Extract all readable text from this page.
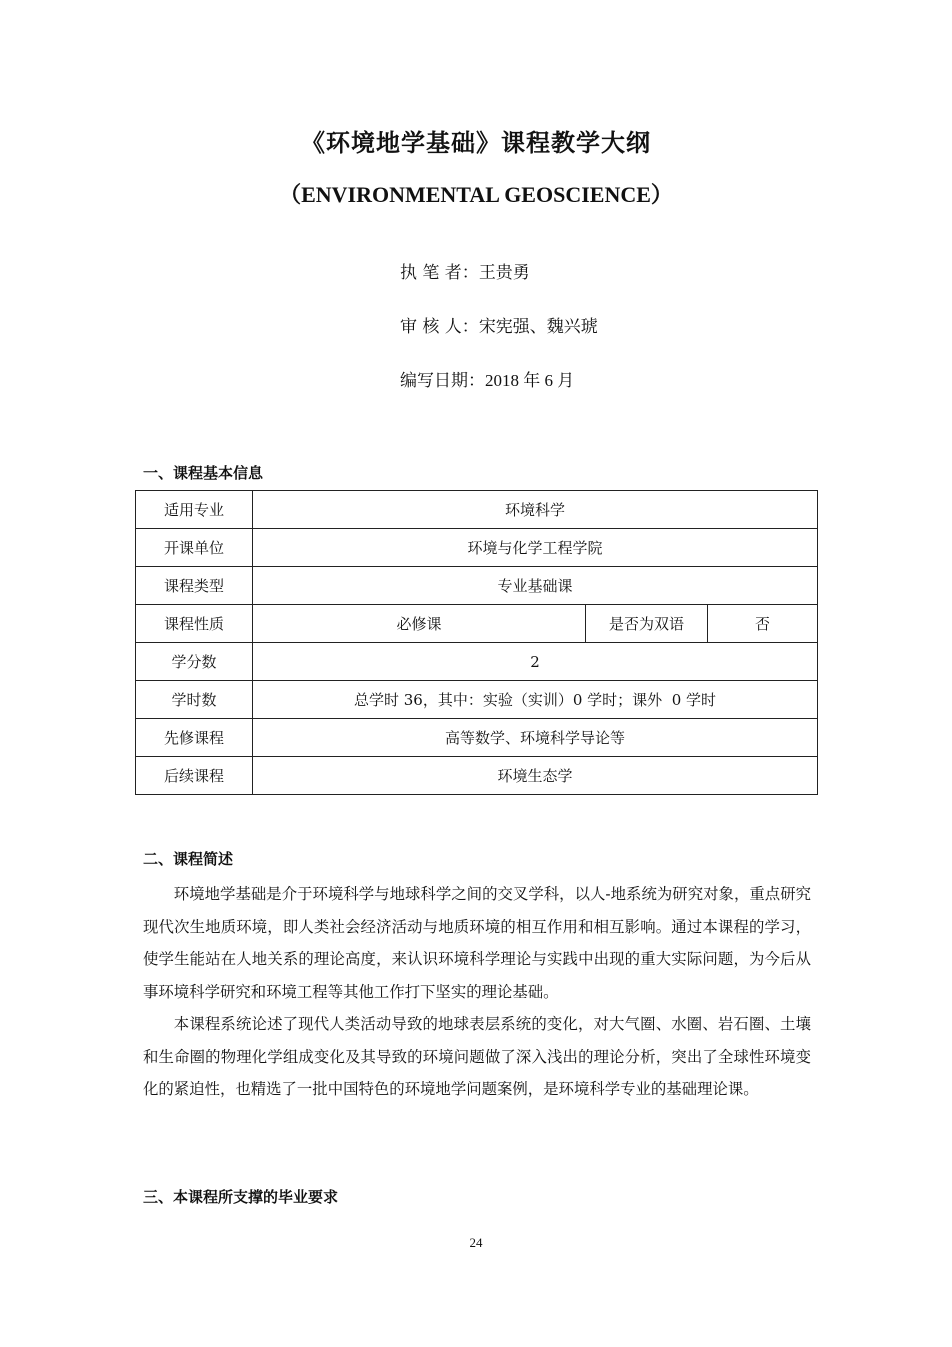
《环境地学基础》课程教学大纲
（ENVIRONMENTAL GEOSCIENCE）
执 笔 者：王贵勇
审 核 人：宋宪强、魏兴琥
编写日期：2018 年 6 月
一、课程基本信息
适用专业	环境科学		
开课单位	环境与化学工程学院		
课程类型	专业基础课		
课程性质	必修课	是否为双语	否
学分数	2		
学时数	总学时 36，其中：实验（实训）0 学时；课外  0 学时		
先修课程	高等数学、环境科学导论等		
后续课程	环境生态学		
二、课程简述

环境地学基础是介于环境科学与地球科学之间的交叉学科，以人-地系统为研究对象，重点研究现代次生地质环境，即人类社会经济活动与地质环境的相互作用和相互影响。通过本课程的学习，使学生能站在人地关系的理论高度，来认识环境科学理论与实践中出现的重大实际问题，为今后从事环境科学研究和环境工程等其他工作打下坚实的理论基础。

本课程系统论述了现代人类活动导致的地球表层系统的变化，对大气圈、水圈、岩石圈、土壤和生命圈的物理化学组成变化及其导致的环境问题做了深入浅出的理论分析，突出了全球性环境变化的紧迫性，也精选了一批中国特色的环境地学问题案例，是环境科学专业的基础理论课。

三、本课程所支撑的毕业要求
24
